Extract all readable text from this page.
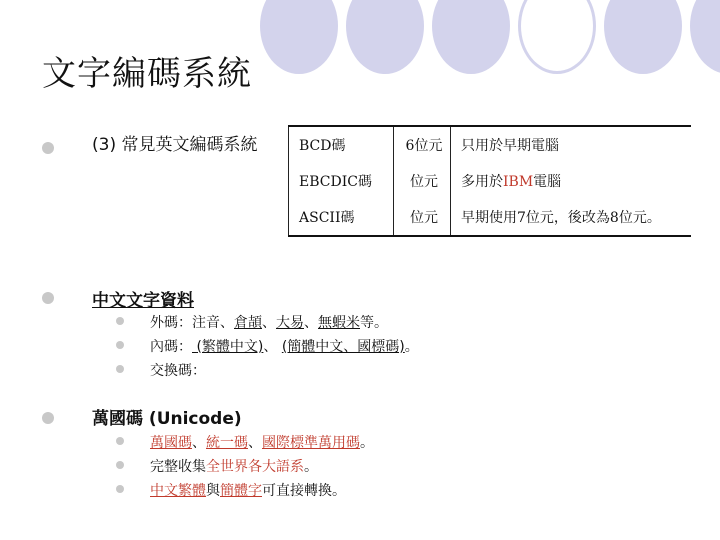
文字編碼系統
(3) 常見英文編碼系統	BCD碼	6位元	只用於早期電腦
EBCDIC碼	位元	多用於IBM電腦
ASCII碼	位元	早期使用7位元，後改為8位元。
中文文字資料
外碼：注音、倉頡、大易、無蝦米等。
內碼： (繁體中文)、 (簡體中文、國標碼)。
交換碼：
萬國碼 (Unicode)
萬國碼、統一碼、國際標準萬用碼。
完整收集全世界各大語系。
中文繁體與簡體字可直接轉換。
